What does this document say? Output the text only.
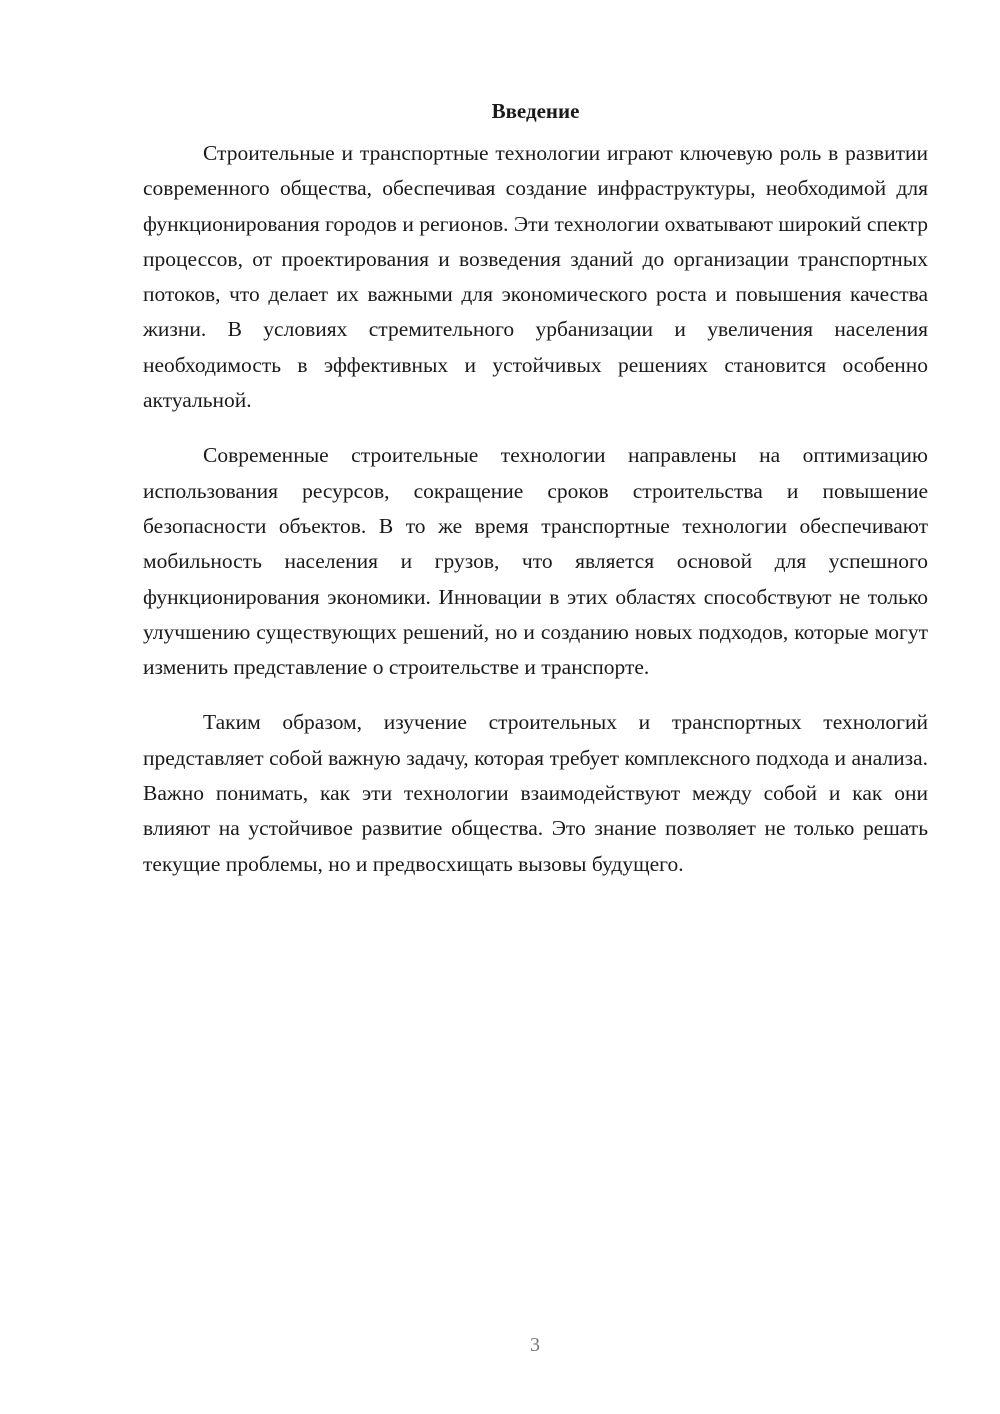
Введение

Строительные и транспортные технологии играют ключевую роль в развитии современного общества, обеспечивая создание инфраструктуры, необходимой для функционирования городов и регионов. Эти технологии охватывают широкий спектр процессов, от проектирования и возведения зданий до организации транспортных потоков, что делает их важными для экономического роста и повышения качества жизни. В условиях стремительного урбанизации и увеличения населения необходимость в эффективных и устойчивых решениях становится особенно актуальной.

Современные строительные технологии направлены на оптимизацию использования ресурсов, сокращение сроков строительства и повышение безопасности объектов. В то же время транспортные технологии обеспечивают мобильность населения и грузов, что является основой для успешного функционирования экономики. Инновации в этих областях способствуют не только улучшению существующих решений, но и созданию новых подходов, которые могут изменить представление о строительстве и транспорте.

Таким образом, изучение строительных и транспортных технологий представляет собой важную задачу, которая требует комплексного подхода и анализа. Важно понимать, как эти технологии взаимодействуют между собой и как они влияют на устойчивое развитие общества. Это знание позволяет не только решать текущие проблемы, но и предвосхищать вызовы будущего.

3
